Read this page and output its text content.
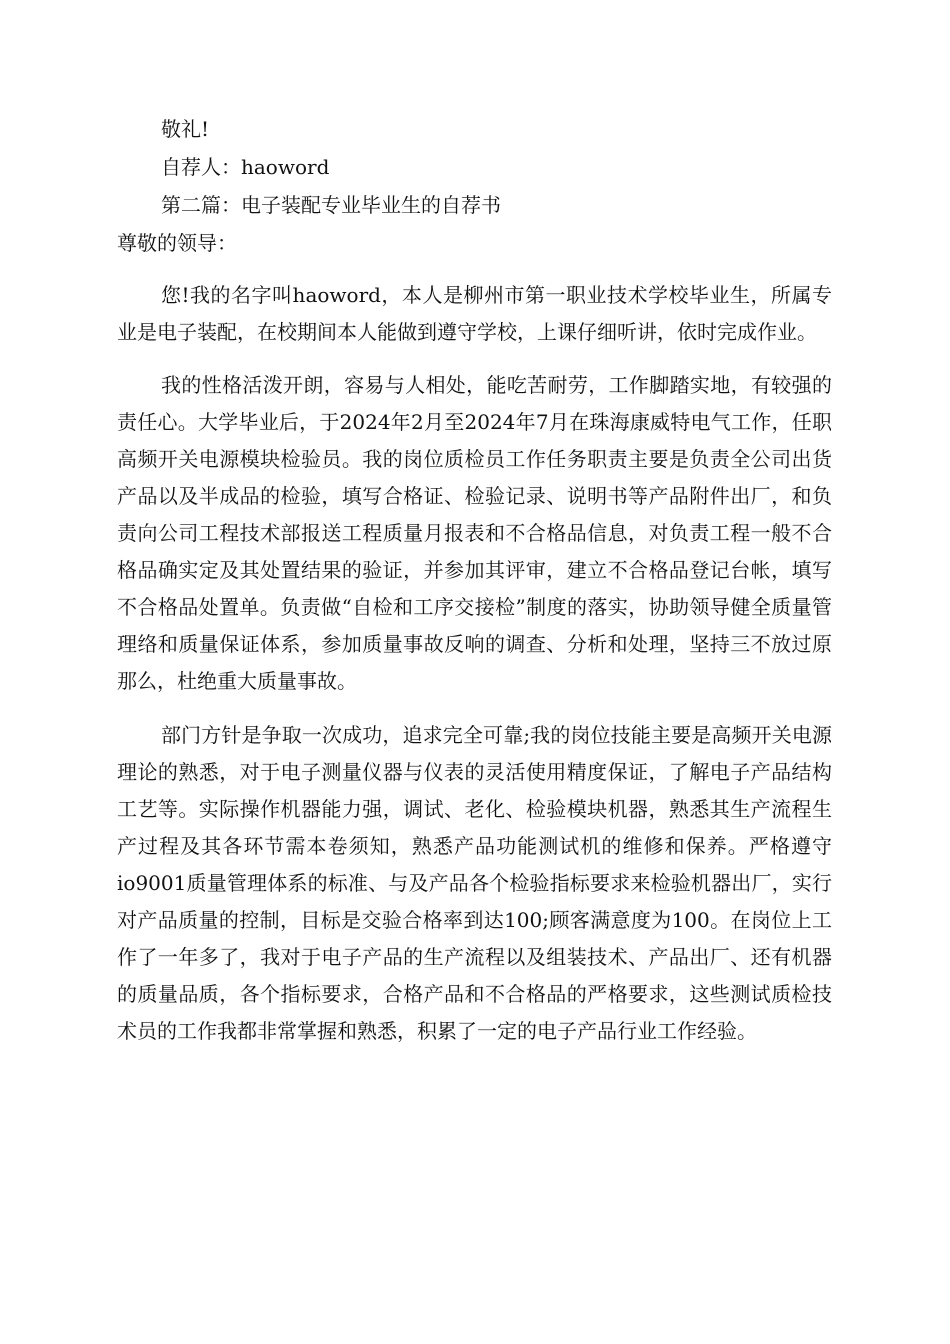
敬礼!

自荐人：haoword

第二篇：电子装配专业毕业生的自荐书

尊敬的领导：

您!我的名字叫haoword，本人是柳州市第一职业技术学校毕业生，所属专业是电子装配，在校期间本人能做到遵守学校，上课仔细听讲，依时完成作业。

我的性格活泼开朗，容易与人相处，能吃苦耐劳，工作脚踏实地，有较强的责任心。大学毕业后，于2024年2月至2024年7月在珠海康威特电气工作，任职高频开关电源模块检验员。我的岗位质检员工作任务职责主要是负责全公司出货产品以及半成品的检验，填写合格证、检验记录、说明书等产品附件出厂，和负责向公司工程技术部报送工程质量月报表和不合格品信息，对负责工程一般不合格品确实定及其处置结果的验证，并参加其评审，建立不合格品登记台帐，填写不合格品处置单。负责做“自检和工序交接检”制度的落实，协助领导健全质量管理络和质量保证体系，参加质量事故反响的调查、分析和处理，坚持三不放过原那么，杜绝重大质量事故。

部门方针是争取一次成功，追求完全可靠;我的岗位技能主要是高频开关电源理论的熟悉，对于电子测量仪器与仪表的灵活使用精度保证，了解电子产品结构工艺等。实际操作机器能力强，调试、老化、检验模块机器，熟悉其生产流程生产过程及其各环节需本卷须知，熟悉产品功能测试机的维修和保养。严格遵守io9001质量管理体系的标准、与及产品各个检验指标要求来检验机器出厂，实行对产品质量的控制，目标是交验合格率到达100;顾客满意度为100。在岗位上工作了一年多了，我对于电子产品的生产流程以及组装技术、产品出厂、还有机器的质量品质，各个指标要求，合格产品和不合格品的严格要求，这些测试质检技术员的工作我都非常掌握和熟悉，积累了一定的电子产品行业工作经验。
